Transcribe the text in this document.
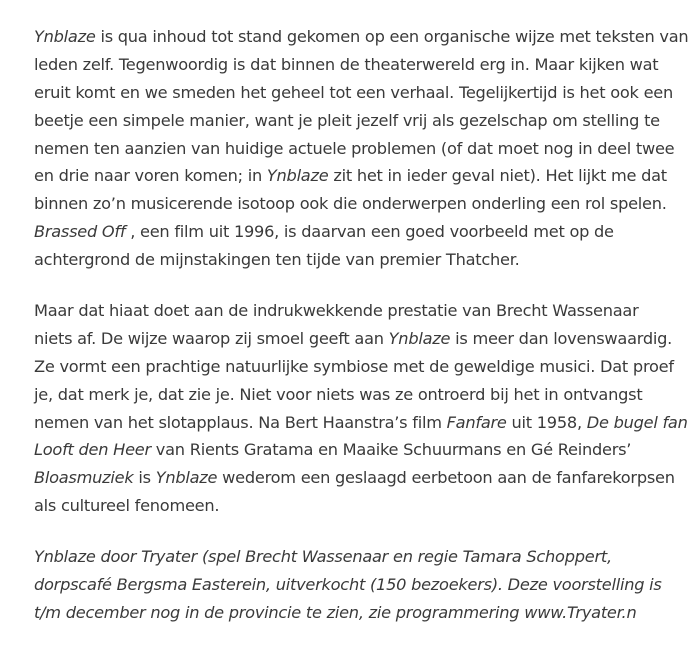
Ynblaze is qua inhoud tot stand gekomen op een organische wijze met teksten van
leden zelf. Tegenwoordig is dat binnen de theaterwereld erg in. Maar kijken wat
eruit komt en we smeden het geheel tot een verhaal. Tegelijkertijd is het ook een
beetje een simpele manier, want je pleit jezelf vrij als gezelschap om stelling te
nemen ten aanzien van huidige actuele problemen (of dat moet nog in deel twee
en drie naar voren komen; in Ynblaze zit het in ieder geval niet). Het lijkt me dat
binnen zo’n musicerende isotoop ook die onderwerpen onderling een rol spelen.
Brassed Off , een film uit 1996, is daarvan een goed voorbeeld met op de
achtergrond de mijnstakingen ten tijde van premier Thatcher.

Maar dat hiaat doet aan de indrukwekkende prestatie van Brecht Wassenaar
niets af. De wijze waarop zij smoel geeft aan Ynblaze is meer dan lovenswaardig.
Ze vormt een prachtige natuurlijke symbiose met de geweldige musici. Dat proef
je, dat merk je, dat zie je. Niet voor niets was ze ontroerd bij het in ontvangst
nemen van het slotapplaus. Na Bert Haanstra’s film Fanfare uit 1958, De bugel fan
Looft den Heer van Rients Gratama en Maaike Schuurmans en Gé Reinders’
Bloasmuziek is Ynblaze wederom een geslaagd eerbetoon aan de fanfarekorpsen
als cultureel fenomeen.

Ynblaze door Tryater (spel Brecht Wassenaar en regie Tamara Schoppert,
dorpscafé Bergsma Easterein, uitverkocht (150 bezoekers). Deze voorstelling is
t/m december nog in de provincie te zien, zie programmering www.Tryater.n
